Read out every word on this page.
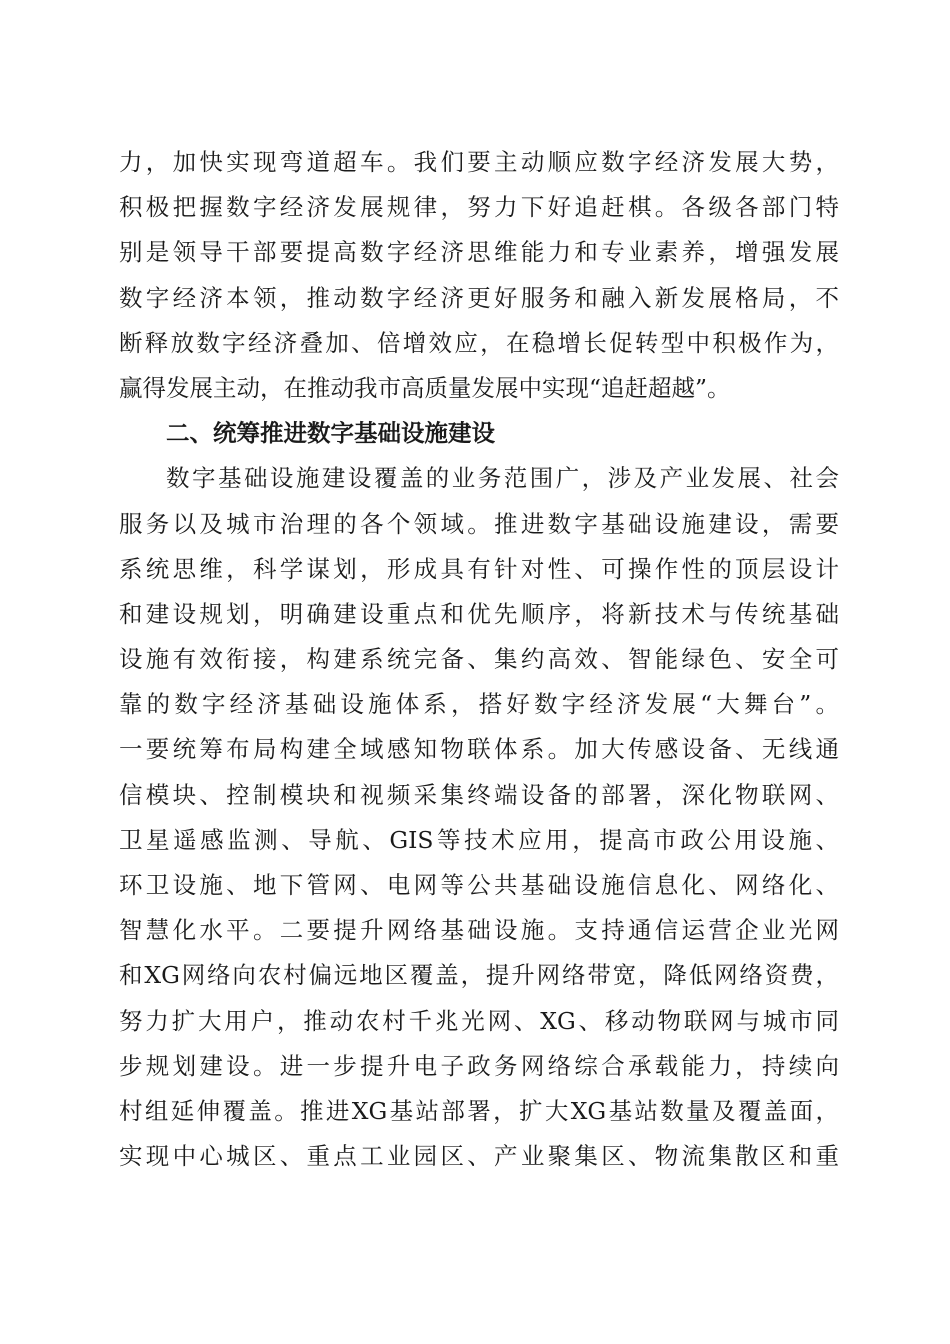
力，加快实现弯道超车。我们要主动顺应数字经济发展大势，
积极把握数字经济发展规律，努力下好追赶棋。各级各部门特
别是领导干部要提高数字经济思维能力和专业素养，增强发展
数字经济本领，推动数字经济更好服务和融入新发展格局，不
断释放数字经济叠加、倍增效应，在稳增长促转型中积极作为，
赢得发展主动，在推动我市高质量发展中实现“追赶超越”。
二、统筹推进数字基础设施建设
数字基础设施建设覆盖的业务范围广，涉及产业发展、社会
服务以及城市治理的各个领域。推进数字基础设施建设，需要
系统思维，科学谋划，形成具有针对性、可操作性的顶层设计
和建设规划，明确建设重点和优先顺序，将新技术与传统基础
设施有效衔接，构建系统完备、集约高效、智能绿色、安全可
靠的数字经济基础设施体系，搭好数字经济发展“大舞台”。
一要统筹布局构建全域感知物联体系。加大传感设备、无线通
信模块、控制模块和视频采集终端设备的部署，深化物联网、
卫星遥感监测、导航、GIS等技术应用，提高市政公用设施、
环卫设施、地下管网、电网等公共基础设施信息化、网络化、
智慧化水平。二要提升网络基础设施。支持通信运营企业光网
和XG网络向农村偏远地区覆盖，提升网络带宽，降低网络资费，
努力扩大用户，推动农村千兆光网、XG、移动物联网与城市同
步规划建设。进一步提升电子政务网络综合承载能力，持续向
村组延伸覆盖。推进XG基站部署，扩大XG基站数量及覆盖面，
实现中心城区、重点工业园区、产业聚集区、物流集散区和重
